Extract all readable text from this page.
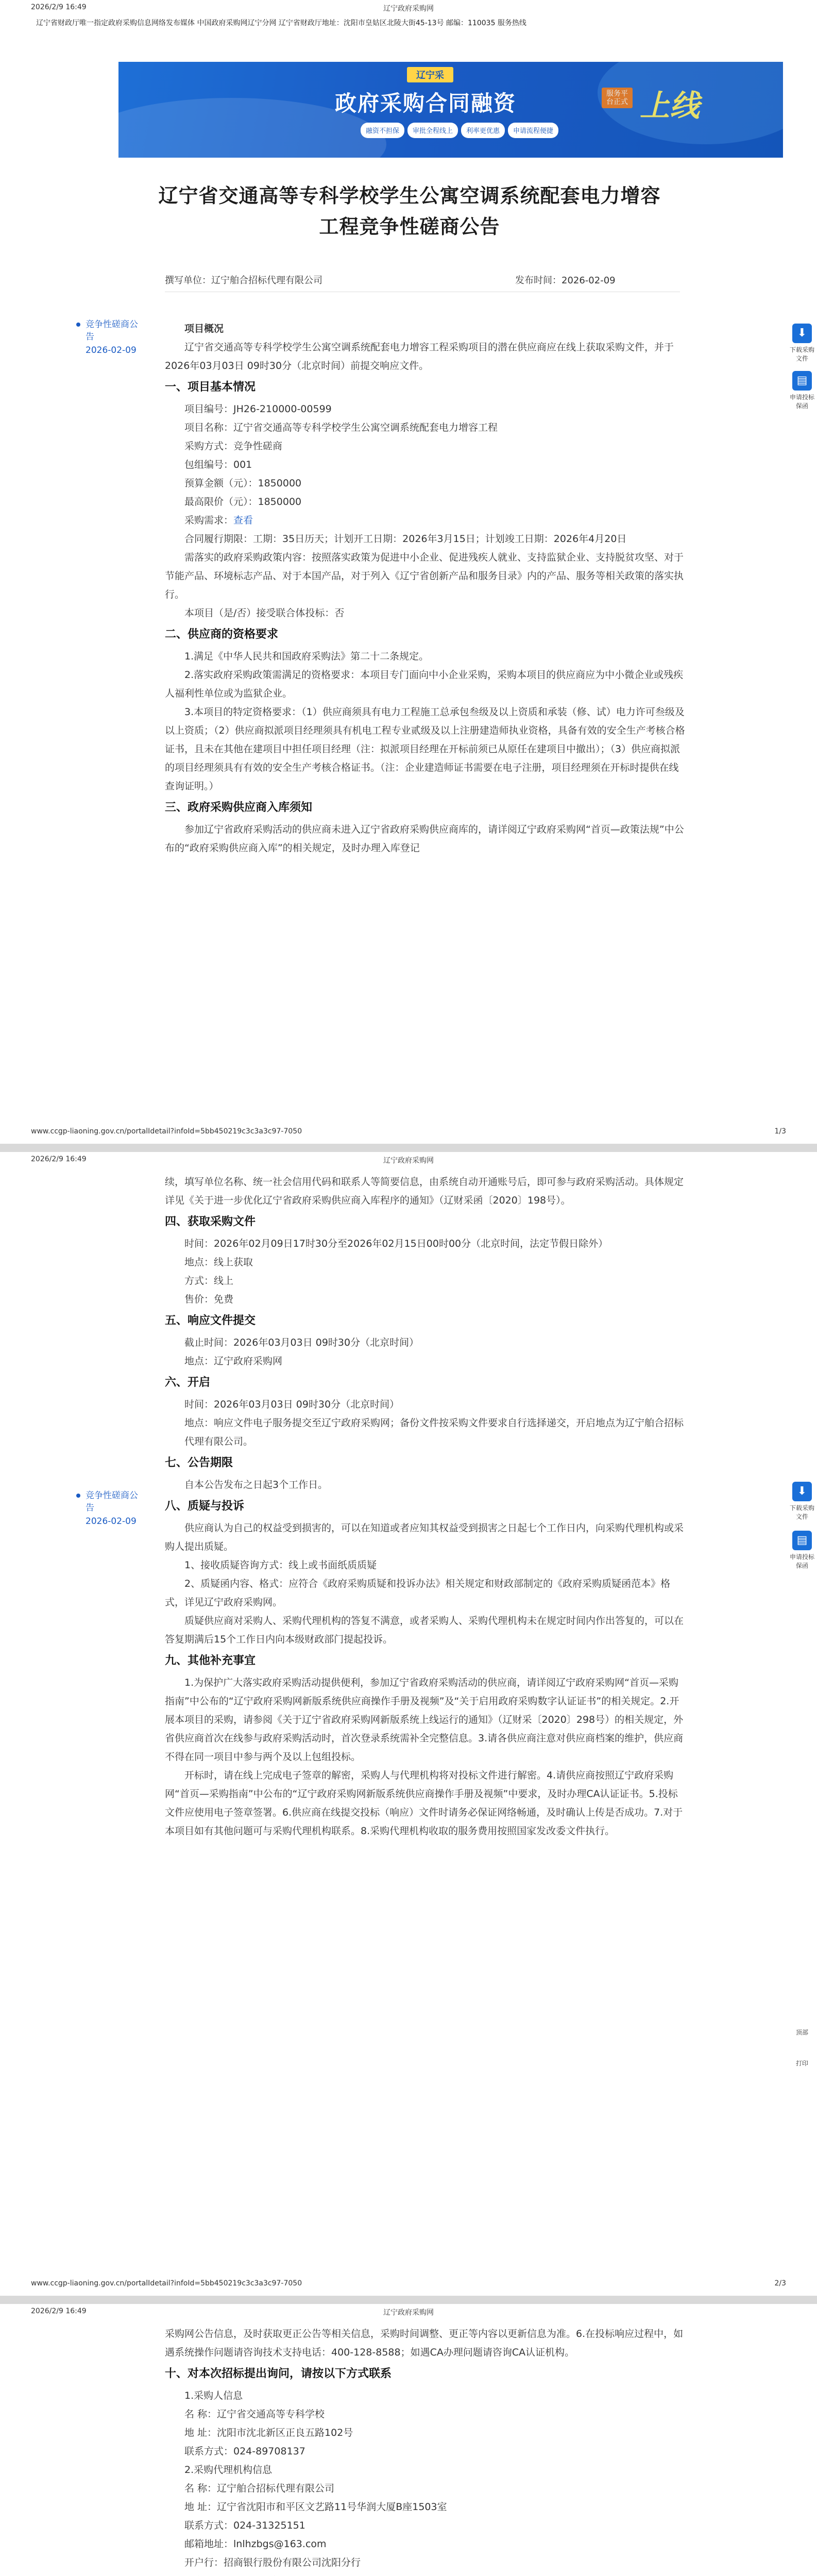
2026/2/9 16:49	辽宁政府采购网
辽宁省财政厅唯一指定政府采购信息网络发布媒体 中国政府采购网辽宁分网 辽宁省财政厅地址：沈阳市皇姑区北陵大街45-13号 邮编：110035 服务热线
辽宁采
政府采购合同融资	服务平台正式 上线
融资不担保	审批全程线上	利率更优惠	申请流程便捷
辽宁省交通高等专科学校学生公寓空调系统配套电力增容工程竞争性磋商公告
撰写单位：辽宁舶合招标代理有限公司	发布时间：2026-02-09
竞争性磋商公告
2026-02-09
⬇
下载采购文件
▤
申请投标保函

项目概况

辽宁省交通高等专科学校学生公寓空调系统配套电力增容工程采购项目的潜在供应商应在线上获取采购文件，并于2026年03月03日 09时30分（北京时间）前提交响应文件。

一、项目基本情况

项目编号：JH26-210000-00599

项目名称：辽宁省交通高等专科学校学生公寓空调系统配套电力增容工程

采购方式：竞争性磋商

包组编号：001

预算金额（元）：1850000

最高限价（元）：1850000

采购需求：查看

合同履行期限：工期：35日历天；计划开工日期：2026年3月15日；计划竣工日期：2026年4月20日

需落实的政府采购政策内容：按照落实政策为促进中小企业、促进残疾人就业、支持监狱企业、支持脱贫攻坚、对于节能产品、环境标志产品、对于本国产品，对于列入《辽宁省创新产品和服务目录》内的产品、服务等相关政策的落实执行。

本项目（是/否）接受联合体投标：否

二、供应商的资格要求

1.满足《中华人民共和国政府采购法》第二十二条规定。

2.落实政府采购政策需满足的资格要求：本项目专门面向中小企业采购，采购本项目的供应商应为中小微企业或残疾人福利性单位或为监狱企业。

3.本项目的特定资格要求：（1）供应商须具有电力工程施工总承包叁级及以上资质和承装（修、试）电力许可叁级及以上资质；（2）供应商拟派项目经理须具有机电工程专业贰级及以上注册建造师执业资格，具备有效的安全生产考核合格证书，且未在其他在建项目中担任项目经理（注：拟派项目经理在开标前须已从原任在建项目中撤出）；（3）供应商拟派的项目经理须具有有效的安全生产考核合格证书。（注：企业建造师证书需要在电子注册，项目经理须在开标时提供在线查询证明。）

三、政府采购供应商入库须知

参加辽宁省政府采购活动的供应商未进入辽宁省政府采购供应商库的，请详阅辽宁政府采购网“首页—政策法规”中公布的“政府采购供应商入库”的相关规定，及时办理入库登记

www.ccgp-liaoning.gov.cn/portalIdetail?infoId=5bb450219c3c3a3c97-7050	1/3
2026/2/9 16:49	辽宁政府采购网
竞争性磋商公告
2026-02-09
⬇
下载采购文件
▤
申请投标保函
顶部
打印

续，填写单位名称、统一社会信用代码和联系人等简要信息，由系统自动开通账号后，即可参与政府采购活动。具体规定详见《关于进一步优化辽宁省政府采购供应商入库程序的通知》（辽财采函〔2020〕198号）。

四、获取采购文件

时间：2026年02月09日17时30分至2026年02月15日00时00分（北京时间，法定节假日除外）

地点：线上获取

方式：线上

售价：免费

五、响应文件提交

截止时间：2026年03月03日 09时30分（北京时间）

地点：辽宁政府采购网

六、开启

时间：2026年03月03日 09时30分（北京时间）

地点：响应文件电子服务提交至辽宁政府采购网；备份文件按采购文件要求自行选择递交，开启地点为辽宁舶合招标代理有限公司。

七、公告期限

自本公告发布之日起3个工作日。

八、质疑与投诉

供应商认为自己的权益受到损害的，可以在知道或者应知其权益受到损害之日起七个工作日内，向采购代理机构或采购人提出质疑。

1、接收质疑咨询方式：线上或书面纸质质疑

2、质疑函内容、格式：应符合《政府采购质疑和投诉办法》相关规定和财政部制定的《政府采购质疑函范本》格式，详见辽宁政府采购网。

质疑供应商对采购人、采购代理机构的答复不满意，或者采购人、采购代理机构未在规定时间内作出答复的，可以在答复期满后15个工作日内向本级财政部门提起投诉。

九、其他补充事宜

1.为保护广大落实政府采购活动提供便利，参加辽宁省政府采购活动的供应商，请详阅辽宁政府采购网“首页—采购指南”中公布的“辽宁政府采购网新版系统供应商操作手册及视频”及“关于启用政府采购数字认证证书”的相关规定。2.开展本项目的采购，请参阅《关于辽宁省政府采购网新版系统上线运行的通知》（辽财采〔2020〕298号）的相关规定，外省供应商首次在线参与政府采购活动时，首次登录系统需补全完整信息。3.请各供应商注意对供应商档案的维护，供应商不得在同一项目中参与两个及以上包组投标。

开标时，请在线上完成电子签章的解密，采购人与代理机构将对投标文件进行解密。4.请供应商按照辽宁政府采购网“首页—采购指南”中公布的“辽宁政府采购网新版系统供应商操作手册及视频”中要求，及时办理CA认证证书。5.投标文件应使用电子签章签署。6.供应商在线提交投标（响应）文件时请务必保证网络畅通，及时确认上传是否成功。7.对于本项目如有其他问题可与采购代理机构联系。8.采购代理机构收取的服务费用按照国家发改委文件执行。

www.ccgp-liaoning.gov.cn/portalIdetail?infoId=5bb450219c3c3a3c97-7050	2/3
2026/2/9 16:49	辽宁政府采购网

采购网公告信息，及时获取更正公告等相关信息，采购时间调整、更正等内容以更新信息为准。6.在投标响应过程中，如遇系统操作问题请咨询技术支持电话：400-128-8588；如遇CA办理问题请咨询CA认证机构。

十、对本次招标提出询问，请按以下方式联系

1.采购人信息

名 称：辽宁省交通高等专科学校

地 址：沈阳市沈北新区正良五路102号

联系方式：024-89708137

2.采购代理机构信息

名 称：辽宁舶合招标代理有限公司

地 址：辽宁省沈阳市和平区文艺路11号华润大厦B座1503室

联系方式：024-31325151

邮箱地址：lnlhzbgs@163.com

开户行：招商银行股份有限公司沈阳分行
